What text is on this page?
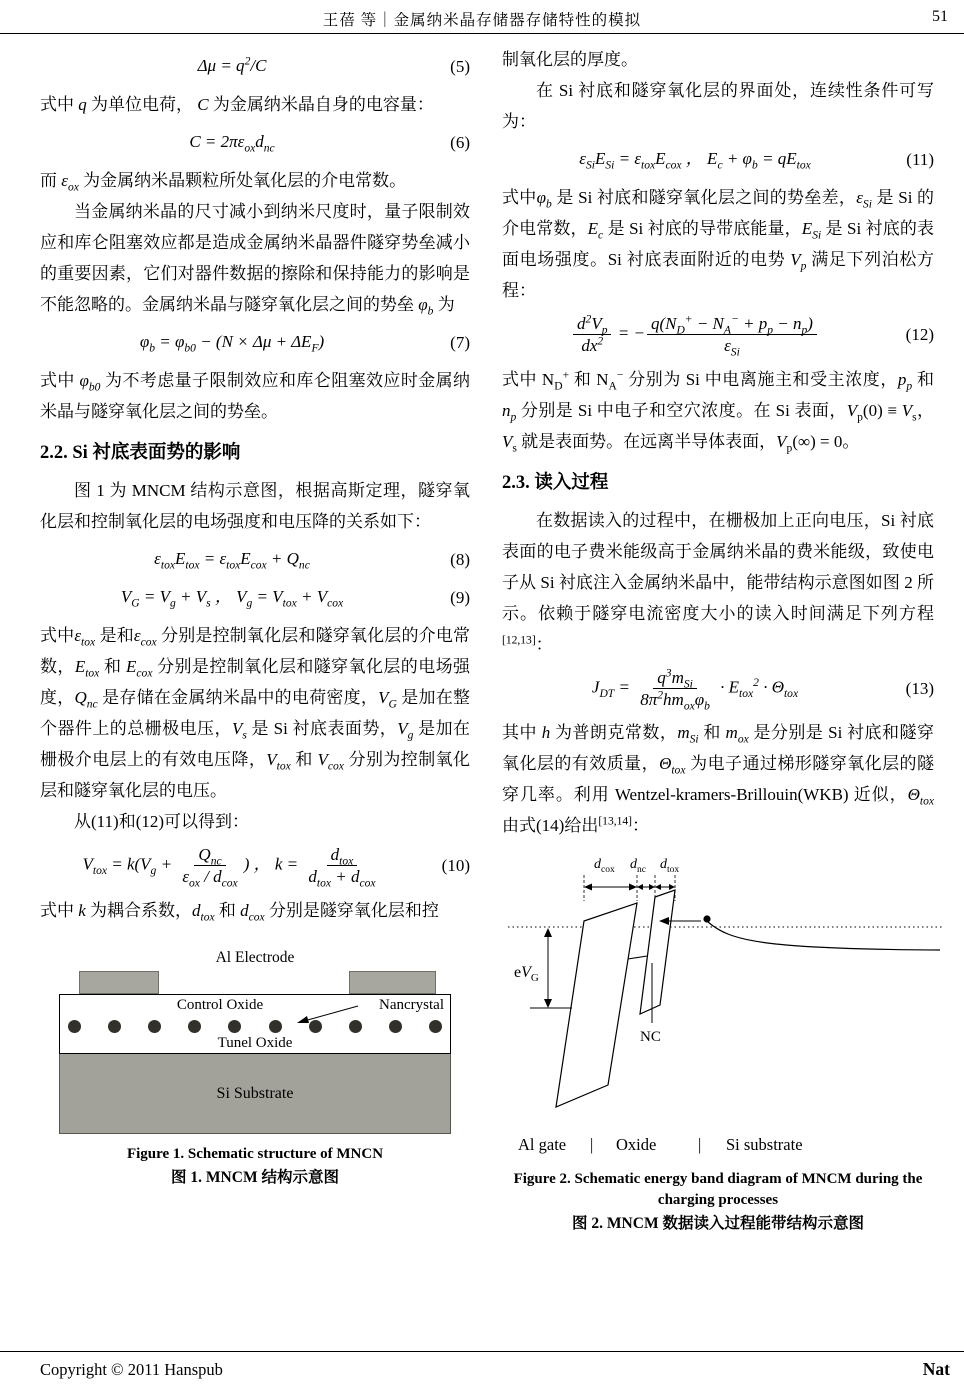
王蓓 等｜金属纳米晶存储器存储特性的模拟	51
$\Delta\mu = q^2/C$	(5)

式中 q 为单位电荷， C 为金属纳米晶自身的电容量：

$C = 2\pi\varepsilon_{ox}d_{nc}$	(6)

而 $\varepsilon_{ox}$ 为金属纳米晶颗粒所处氧化层的介电常数。

当金属纳米晶的尺寸减小到纳米尺度时，量子限制效应和库仑阻塞效应都是造成金属纳米晶器件隧穿势垒减小的重要因素，它们对器件数据的擦除和保持能力的影响是不能忽略的。金属纳米晶与隧穿氧化层之间的势垒 $\varphi_b$ 为

$\varphi_b = \varphi_{b0} - (N \times \Delta\mu + \Delta E_F)$	(7)

式中 $\varphi_{b0}$ 为不考虑量子限制效应和库仑阻塞效应时金属纳米晶与隧穿氧化层之间的势垒。

2.2. Si 衬底表面势的影响

图 1 为 MNCM 结构示意图，根据高斯定理，隧穿氧化层和控制氧化层的电场强度和电压降的关系如下：

$\varepsilon_{tox}E_{tox} = \varepsilon_{tox}E_{cox} + Q_{nc}$	(8)
$V_G = V_g + V_s$ ， $V_g = V_{tox} + V_{cox}$	(9)

式中$\varepsilon_{tox}$ 是和$\varepsilon_{cox}$ 分别是控制氧化层和隧穿氧化层的介电常数，$E_{tox}$ 和 $E_{cox}$ 分别是控制氧化层和隧穿氧化层的电场强度，$Q_{nc}$ 是存储在金属纳米晶中的电荷密度，$V_G$ 是加在整个器件上的总栅极电压，$V_s$ 是 Si 衬底表面势，$V_g$ 是加在栅极介电层上的有效电压降，$V_{tox}$ 和 $V_{cox}$ 分别为控制氧化层和隧穿氧化层的电压。

从(11)和(12)可以得到：

$V_{tox} = k(V_g + \frac{Q_{nc}}{\varepsilon_{ox} / d_{cox}}$ ) ， $k = \frac{d_{tox}}{d_{tox} + d_{cox}}$	(10)

式中 k 为耦合系数，$d_{tox}$ 和 $d_{cox}$ 分别是隧穿氧化层和控

Al Electrode
Control Oxide	Nancrystal
Tunel Oxide
Si Substrate
Figure 1. Schematic structure of MNCN
图 1. MNCM 结构示意图

制氧化层的厚度。

在 Si 衬底和隧穿氧化层的界面处，连续性条件可写为：

$\varepsilon_{Si}E_{Si} = \varepsilon_{tox}E_{cox}$ ， $E_c + \varphi_b = qE_{tox}$	(11)

式中$\varphi_b$ 是 Si 衬底和隧穿氧化层之间的势垒差，$\varepsilon_{Si}$ 是 Si 的介电常数，$E_c$ 是 Si 衬底的导带底能量，$E_{Si}$ 是 Si 衬底的表面电场强度。Si 衬底表面附近的电势 $V_p$ 满足下列泊松方程：

$\frac{d^2V_p}{dx^2}$ = − $\frac{q(N_D^+ - N_A^- + p_p - n_p)}{\varepsilon_{Si}}$	(12)

式中 $N_D^+$ 和 $N_A^-$ 分别为 Si 中电离施主和受主浓度，$p_p$ 和 $n_p$ 分别是 Si 中电子和空穴浓度。在 Si 表面，$V_p(0) \equiv V_s$，$V_s$ 就是表面势。在远离半导体表面，$V_p(\infty) = 0$。

2.3. 读入过程

在数据读入的过程中，在栅极加上正向电压，Si 衬底表面的电子费米能级高于金属纳米晶的费米能级，致使电子从 Si 衬底注入金属纳米晶中，能带结构示意图如图 2 所示。依赖于隧穿电流密度大小的读入时间满足下列方程[12,13]：

$J_{DT} = \frac{q^3m_{Si}}{8\pi^2hm_{ox}\varphi_b} \cdot E_{tox}^2 \cdot \Theta_{tox}$	(13)

其中 h 为普朗克常数，$m_{Si}$ 和 $m_{ox}$ 是分别是 Si 衬底和隧穿氧化层的有效质量，$\Theta_{tox}$ 为电子通过梯形隧穿氧化层的隧穿几率。利用 Wentzel-kramers-Brillouin(WKB) 近似，$\Theta_{tox}$ 由式(14)给出[13,14]：

$d_{cox}$ $d_{nc}$ $d_{tox}$
$eV_G$
NC
Al gate | Oxide	| Si substrate
Figure 2. Schematic energy band diagram of MNCM during the charging processes
图 2. MNCM 数据读入过程能带结构示意图
Copyright © 2011 Hanspub	Nat
